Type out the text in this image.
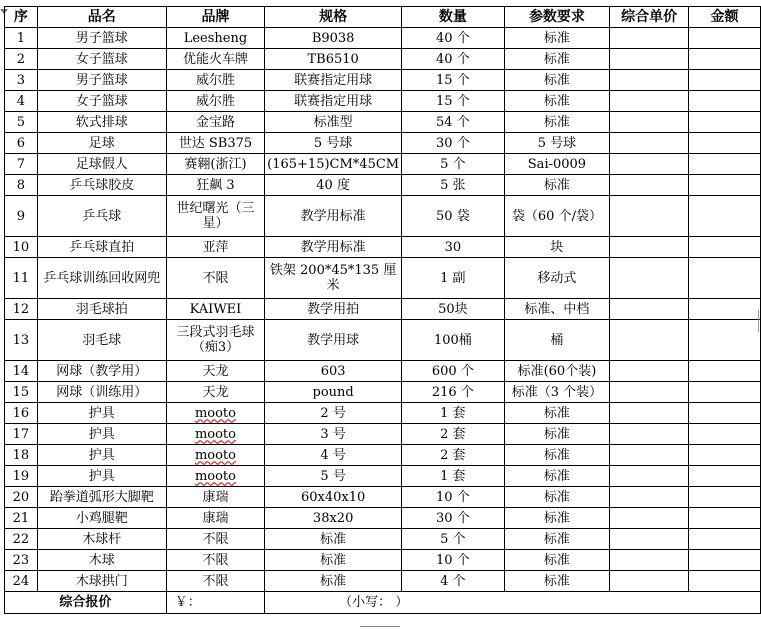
序	品名	品牌	规格	数量	参数要求	综合单价	金额
1	男子篮球	Leesheng	B9038	40 个	标准		
2	女子篮球	优能火车牌	TB6510	40 个	标准		
3	男子篮球	威尔胜	联赛指定用球	15 个	标准		
4	女子篮球	威尔胜	联赛指定用球	15 个	标准		
5	软式排球	金宝路	标准型	54 个	标准		
6	足球	世达 SB375	5 号球	30 个	5 号球		
7	足球假人	赛翱(浙江)	(165+15)CM*45CM	5 个	Sai-0009		
8	乒乓球胶皮	狂飙 3	40 度	5 张	标准		
9	乒乓球	世纪曙光（三星）	教学用标准	50 袋	袋（60 个/袋）		
10	乒乓球直拍	亚萍	教学用标准	30	块		
11	乒乓球训练回收网兜	不限	铁架 200*45*135 厘米	1 副	移动式		
12	羽毛球拍	KAIWEI	教学用拍	50块	标准、中档		
13	羽毛球	三段式羽毛球（痴3）	教学用球	100桶	桶		
14	网球（教学用）	天龙	603	600 个	标准(60个装)		
15	网球（训练用）	天龙	pound	216 个	标准（3 个装）		
16	护具	mooto	2 号	1 套	标准		
17	护具	mooto	3 号	2 套	标准		
18	护具	mooto	4 号	2 套	标准		
19	护具	mooto	5 号	1 套	标准		
20	跆拳道弧形大脚靶	康瑞	60x40x10	10 个	标准		
21	小鸡腿靶	康瑞	38x20	30 个	标准		
22	木球杆	不限	标准	5 个	标准		
23	木球	不限	标准	10 个	标准		
24	木球拱门	不限	标准	4 个	标准		
综合报价		￥：	（小写： ）				
